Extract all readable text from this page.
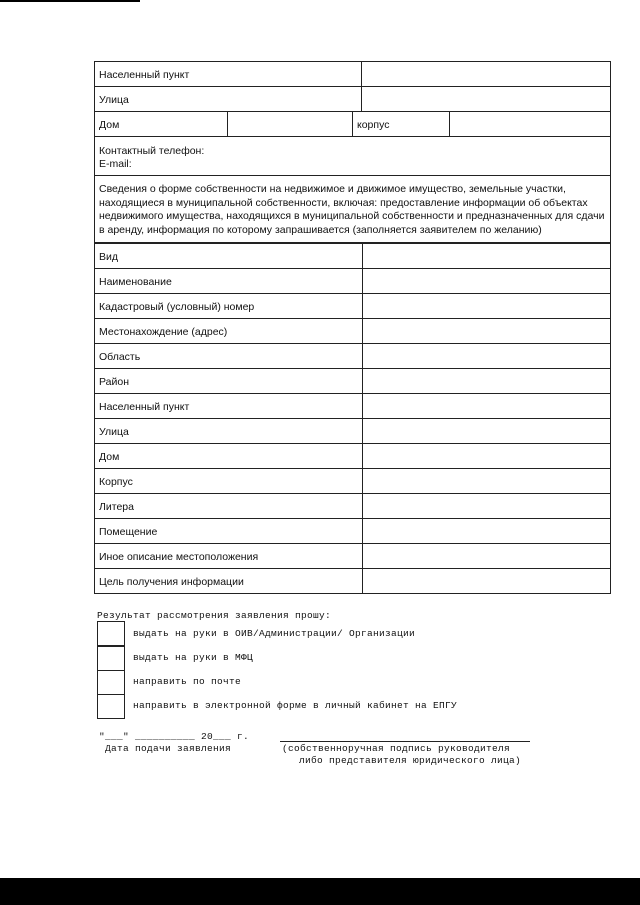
Населенный пункт
Улица
Дом	корпус
Контактный телефон:
E-mail:
Сведения о форме собственности на недвижимое и движимое имущество, земельные участки, находящиеся в муниципальной собственности, включая: предоставление информации об объектах недвижимого имущества, находящихся в муниципальной собственности и предназначенных для сдачи в аренду, информация по которому запрашивается (заполняется заявителем по желанию)
Вид
Наименование
Кадастровый (условный) номер
Местонахождение (адрес)
Область
Район
Населенный пункт
Улица
Дом
Корпус
Литера
Помещение
Иное описание местоположения
Цель получения информации
Результат рассмотрения заявления прошу:
выдать на руки в ОИВ/Администрации/ Организации
выдать на руки в МФЦ
направить по почте
направить в электронной форме в личный кабинет на ЕПГУ
"___" __________ 20___ г.
Дата подачи заявления	(собственноручная подпись руководителя
либо представителя юридического лица)
